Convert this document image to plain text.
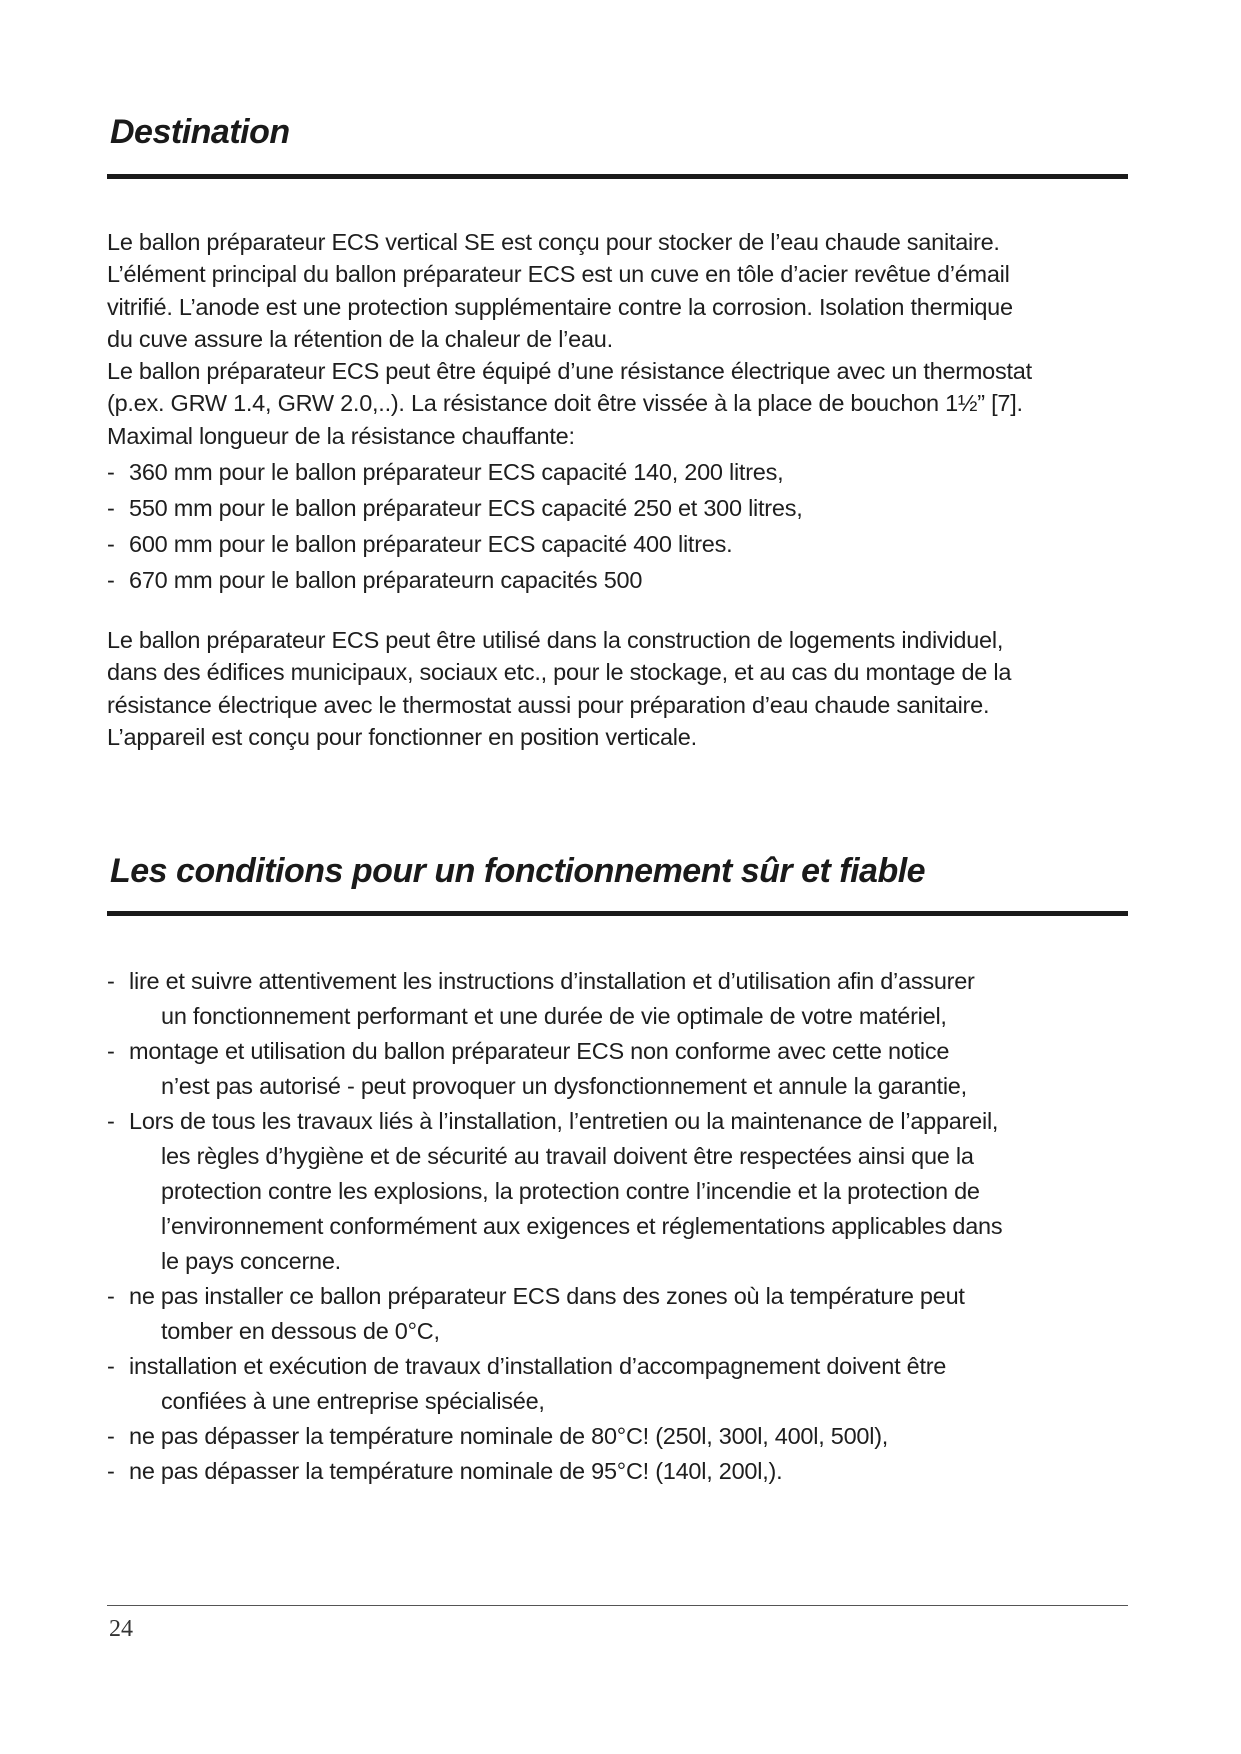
Destination
Le ballon préparateur ECS vertical SE est conçu pour stocker de l’eau chaude sanitaire.
L’élément principal du ballon préparateur ECS est un cuve en tôle d’acier revêtue d’émail
vitrifié. L’anode est une protection supplémentaire contre la corrosion. Isolation thermique
du cuve assure la rétention de la chaleur de l’eau.
Le ballon préparateur ECS peut être équipé d’une résistance électrique avec un thermostat
(p.ex. GRW 1.4, GRW 2.0,..). La résistance doit être vissée à la place de bouchon 1½” [7].
Maximal longueur de la résistance chauffante:
- 360 mm pour le ballon préparateur ECS capacité 140, 200 litres,
- 550 mm pour le ballon préparateur ECS capacité 250 et 300 litres,
- 600 mm pour le ballon préparateur ECS capacité 400 litres.
- 670 mm pour le ballon préparateurn capacités 500
Le ballon préparateur ECS peut être utilisé dans la construction de logements individuel,
dans des édifices municipaux, sociaux etc., pour le stockage, et au cas du montage de la
résistance électrique avec le thermostat aussi pour préparation d’eau chaude sanitaire.
L’appareil est conçu pour fonctionner en position verticale.
Les conditions pour un fonctionnement sûr et fiable
- lire et suivre attentivement les instructions d’installation et d’utilisation afin d’assurer
un fonctionnement performant et une durée de vie optimale de votre matériel,
- montage et utilisation du ballon préparateur ECS non conforme avec cette notice
n’est pas autorisé - peut provoquer un dysfonctionnement et annule la garantie,
- Lors de tous les travaux liés à l’installation, l’entretien ou la maintenance de l’appareil,
les règles d’hygiène et de sécurité au travail doivent être respectées ainsi que la
protection contre les explosions, la protection contre l’incendie et la protection de
l’environnement conformément aux exigences et réglementations applicables dans
le pays concerne.
- ne pas installer ce ballon préparateur ECS dans des zones où la température peut
tomber en dessous de 0°C,
- installation et exécution de travaux d’installation d’accompagnement doivent être
confiées à une entreprise spécialisée,
- ne pas dépasser la température nominale de 80°C! (250l, 300l, 400l, 500l),
- ne pas dépasser la température nominale de 95°C! (140l, 200l,).
24
